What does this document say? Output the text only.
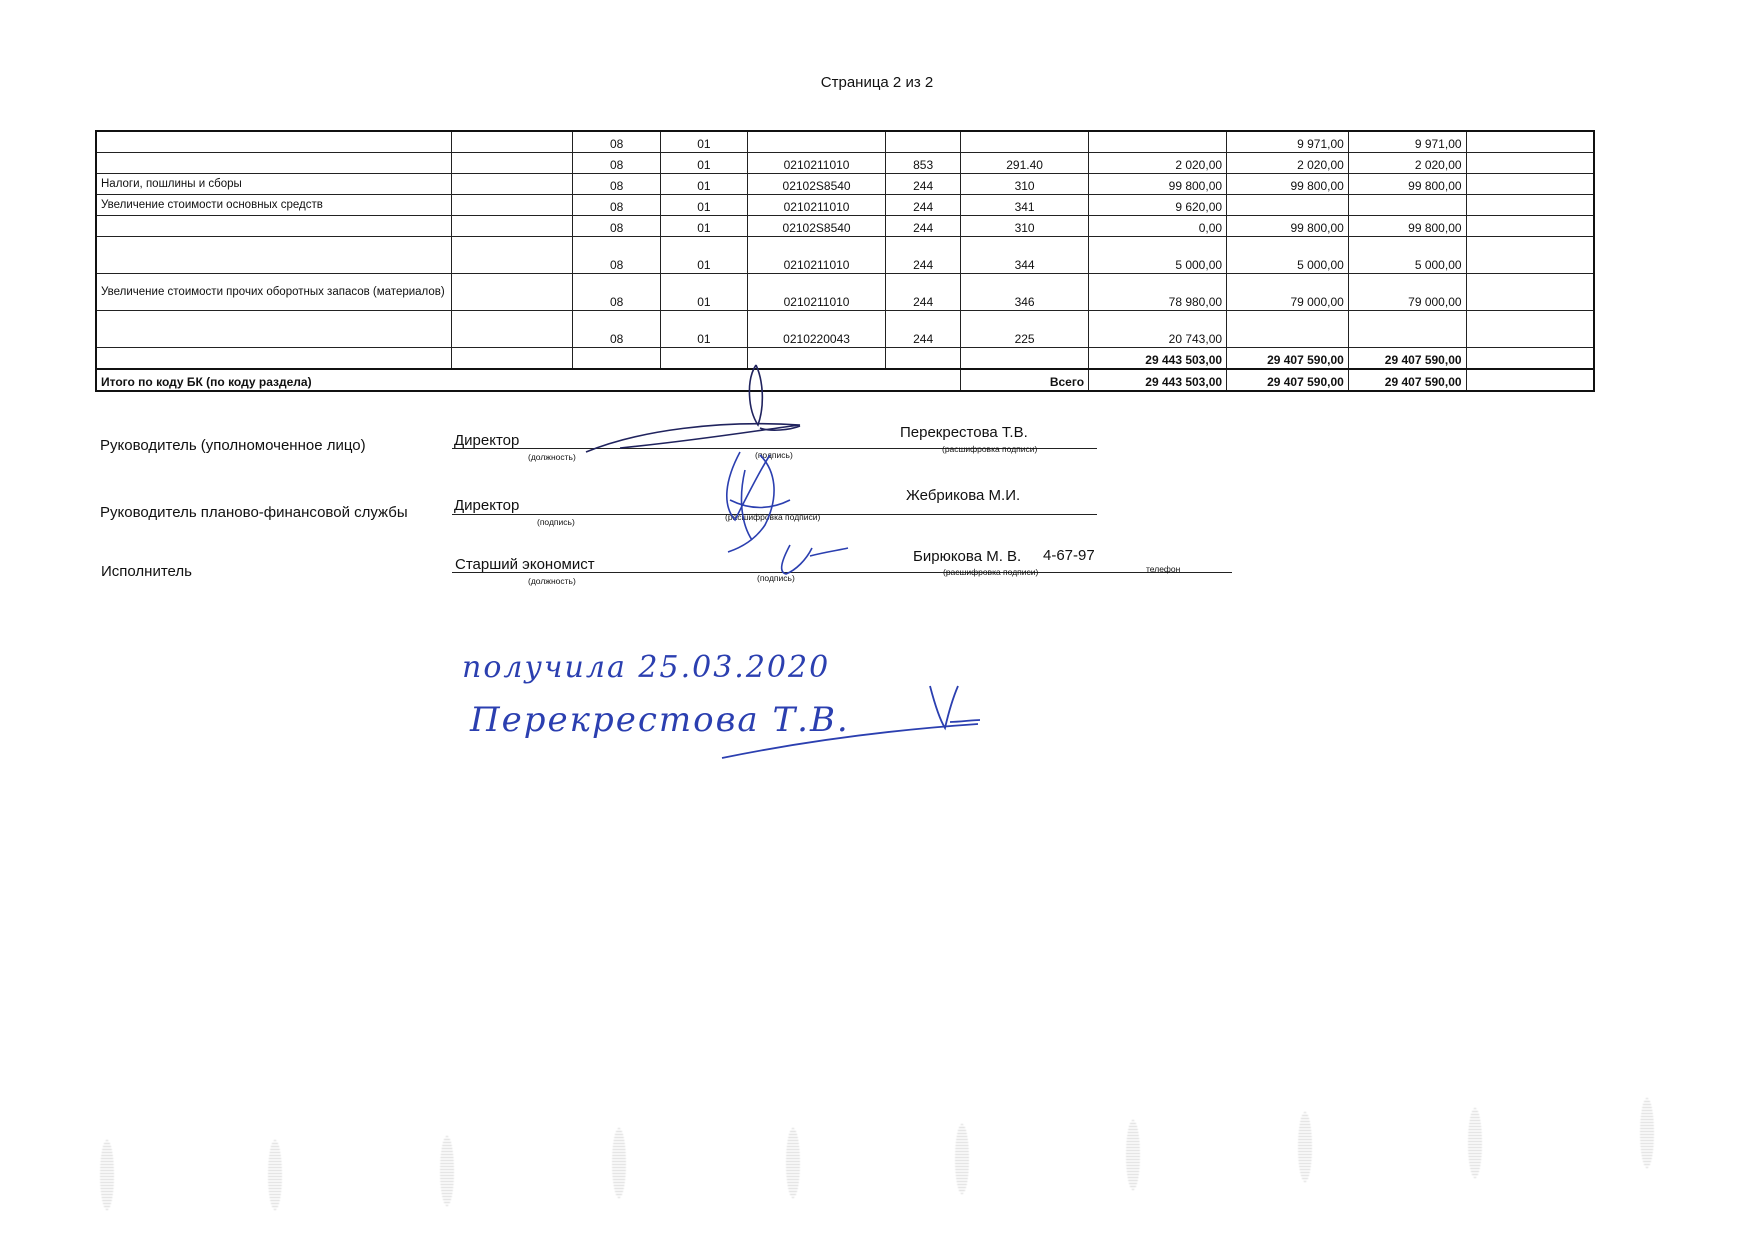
Страница 2 из 2
		08	01					9 971,00	9 971,00	
		08	01	0210211010	853	291.40	2 020,00	2 020,00	2 020,00	
Налоги, пошлины и сборы		08	01	02102S8540	244	310	99 800,00	99 800,00	99 800,00	
Увеличение стоимости основных средств		08	01	0210211010	244	341	9 620,00			
		08	01	02102S8540	244	310	0,00	99 800,00	99 800,00	
		08	01	0210211010	244	344	5 000,00	5 000,00	5 000,00	
Увеличение стоимости прочих оборотных запасов (материалов)		08	01	0210211010	244	346	78 980,00	79 000,00	79 000,00	
		08	01	0210220043	244	225	20 743,00			
							29 443 503,00	29 407 590,00	29 407 590,00	
Итого по коду БК (по коду раздела)						Всего	29 443 503,00	29 407 590,00	29 407 590,00	
Руководитель (уполномоченное лицо)	Директор
(должность)	(подпись)
Перекрестова Т.В.
(расшифровка подписи)
Руководитель планово-финансовой службы	Директор
(подпись)	(расшифровка подписи)
Жебрикова М.И.
Исполнитель	Старший экономист
(должность)	(подпись)
Бирюкова М. В. 4-67-97
(расшифровка подписи)	телефон
получила 25.03.2020
Перекрестова Т.В.
